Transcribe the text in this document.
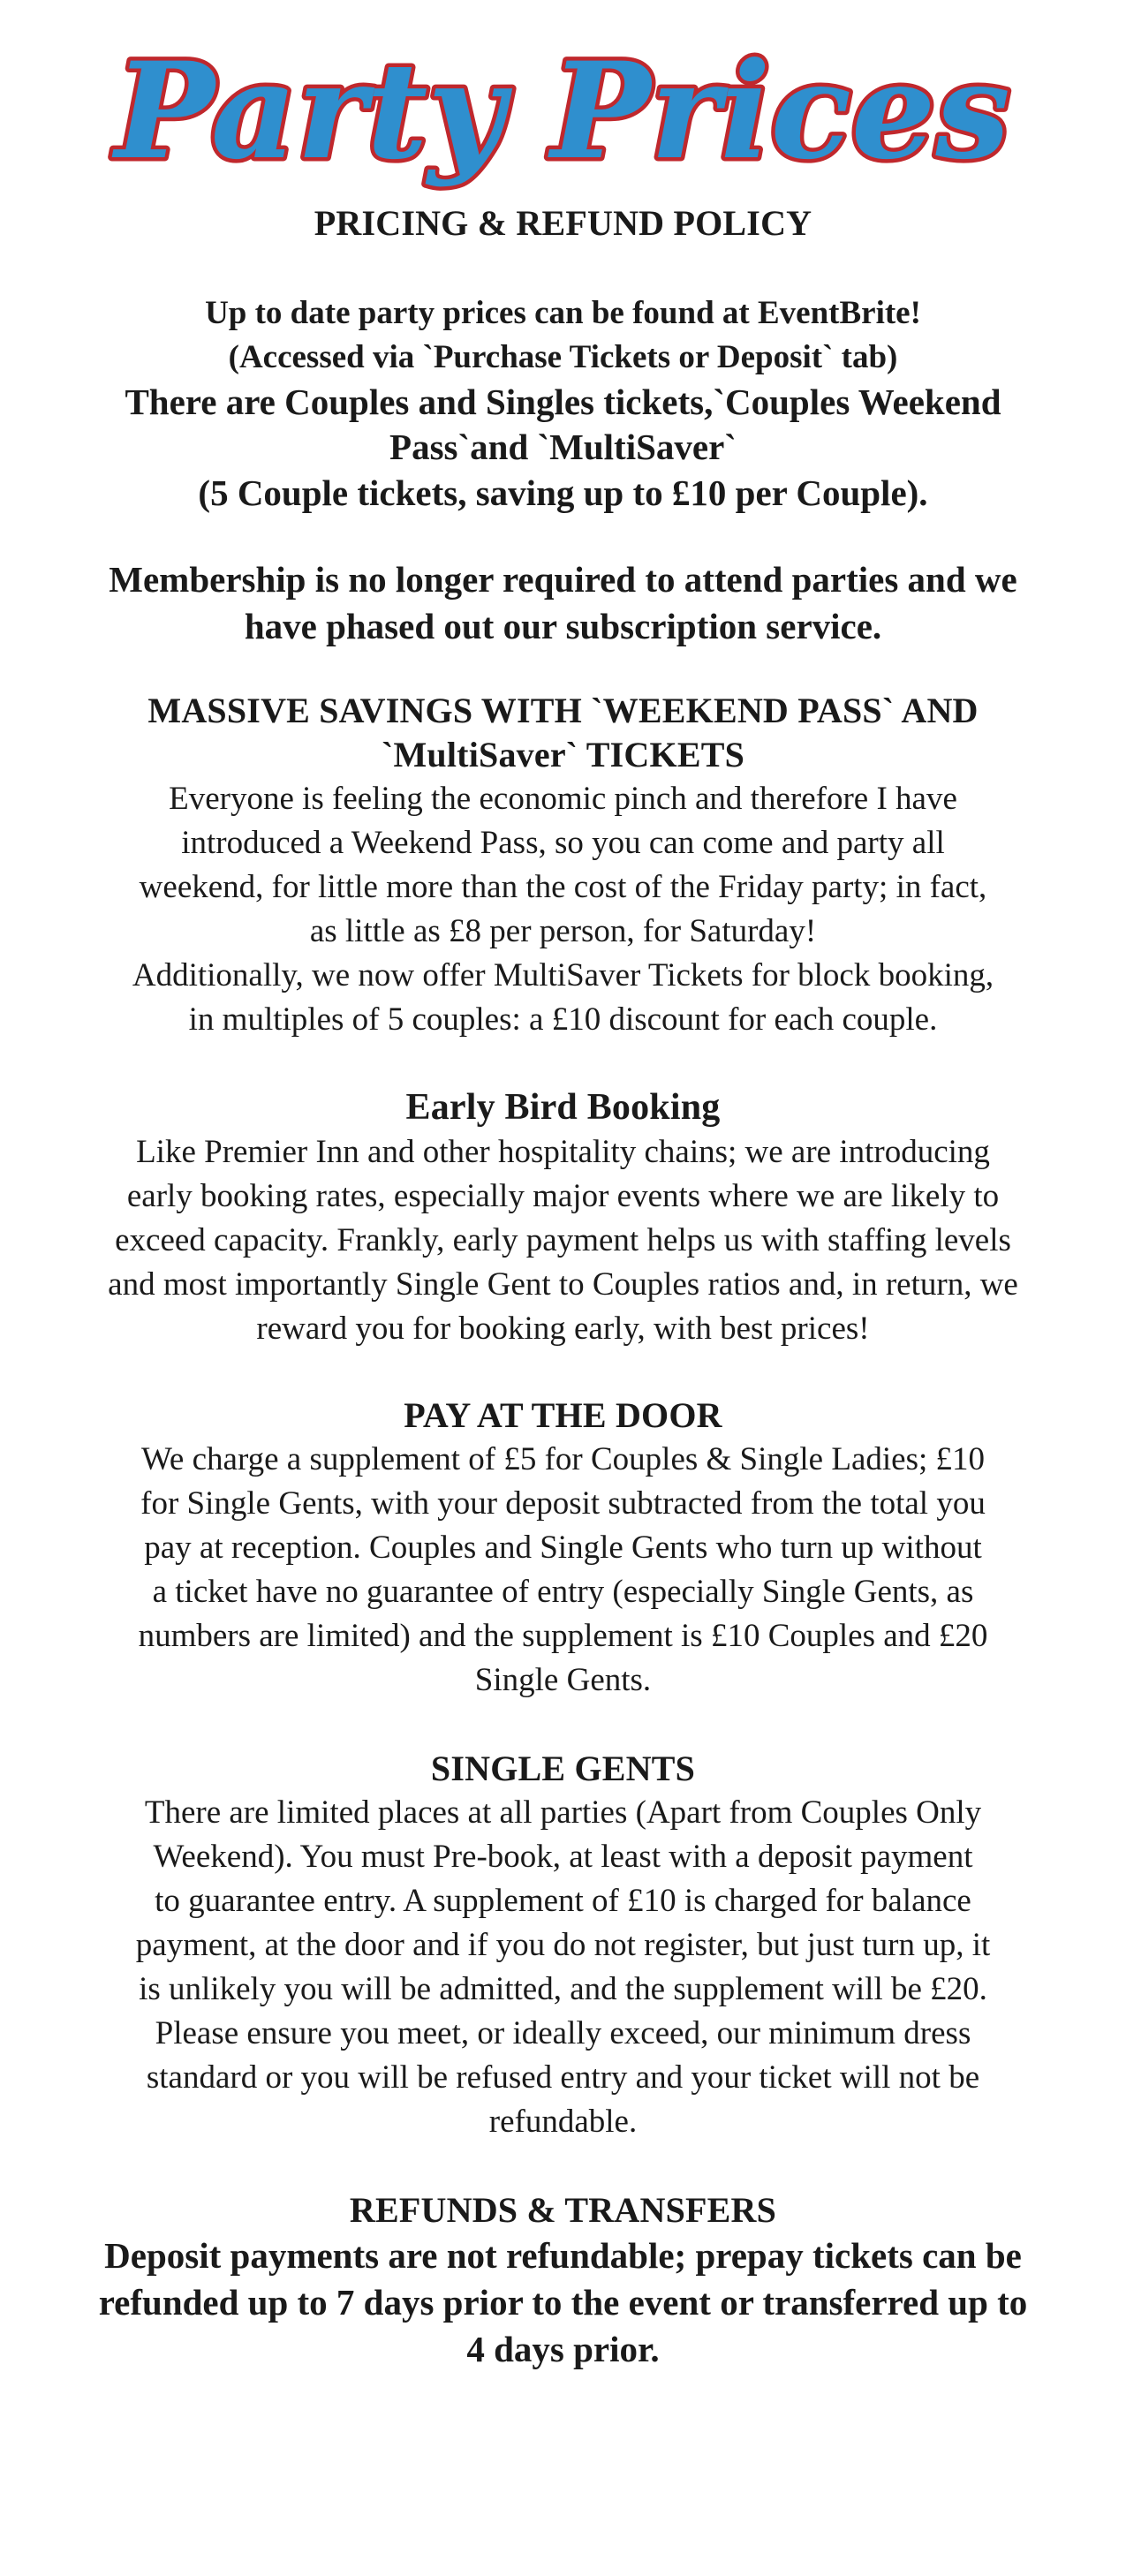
Party Prices
PRICING & REFUND POLICY
Up to date party prices can be found at EventBrite!
(Accessed via `Purchase Tickets or Deposit` tab)
There are Couples and Singles tickets,`Couples Weekend
Pass`and `MultiSaver`
(5 Couple tickets, saving up to £10 per Couple).
Membership is no longer required to attend parties and we
have phased out our subscription service.
MASSIVE SAVINGS WITH `WEEKEND PASS` AND
`MultiSaver` TICKETS
Everyone is feeling the economic pinch and therefore I have
introduced a Weekend Pass, so you can come and party all
weekend, for little more than the cost of the Friday party; in fact,
as little as £8 per person, for Saturday!
Additionally, we now offer MultiSaver Tickets for block booking,
in multiples of 5 couples: a £10 discount for each couple.
Early Bird Booking
Like Premier Inn and other hospitality chains; we are introducing
early booking rates, especially major events where we are likely to
exceed capacity. Frankly, early payment helps us with staffing levels
and most importantly Single Gent to Couples ratios and, in return, we
reward you for booking early, with best prices!
PAY AT THE DOOR
We charge a supplement of £5 for Couples & Single Ladies; £10
for Single Gents, with your deposit subtracted from the total you
pay at reception. Couples and Single Gents who turn up without
a ticket have no guarantee of entry (especially Single Gents, as
numbers are limited) and the supplement is £10 Couples and £20
Single Gents.
SINGLE GENTS
There are limited places at all parties (Apart from Couples Only
Weekend). You must Pre-book, at least with a deposit payment
to guarantee entry. A supplement of £10 is charged for balance
payment, at the door and if you do not register, but just turn up, it
is unlikely you will be admitted, and the supplement will be £20.
Please ensure you meet, or ideally exceed, our minimum dress
standard or you will be refused entry and your ticket will not be
refundable.
REFUNDS & TRANSFERS
Deposit payments are not refundable; prepay tickets can be
refunded up to 7 days prior to the event or transferred up to
4 days prior.
